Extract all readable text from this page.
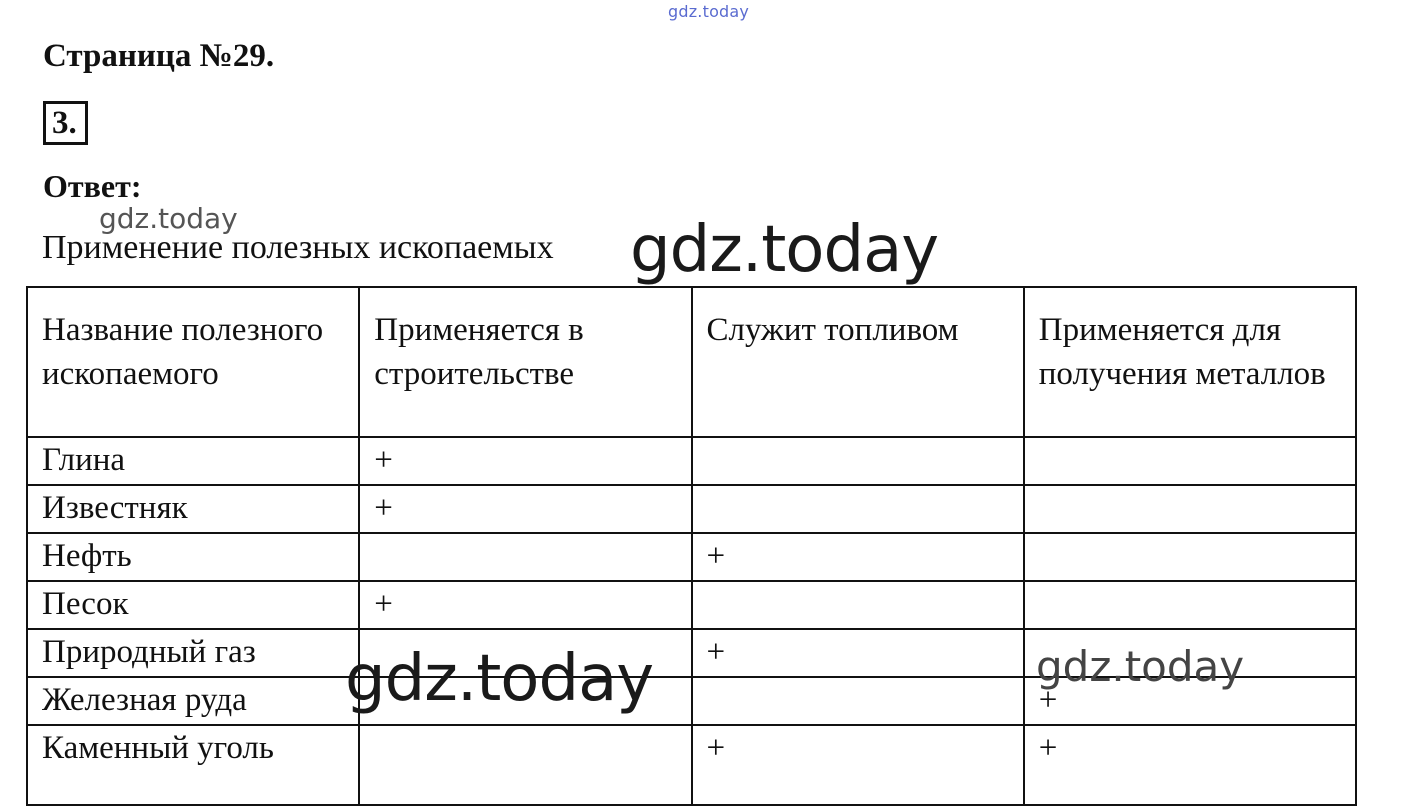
gdz.today
Страница №29.
3.
Ответ:
gdz.today
Применение полезных ископаемых gdz.today
Название полезного ископаемого	Применяется в строительстве	Служит топливом	Применяется для получения металлов
Глина	+		
Известняк	+		
Нефть		+	
Песок	+		
Природный газ		+	
Железная руда			+
Каменный уголь		+	+
gdz.today	gdz.today
